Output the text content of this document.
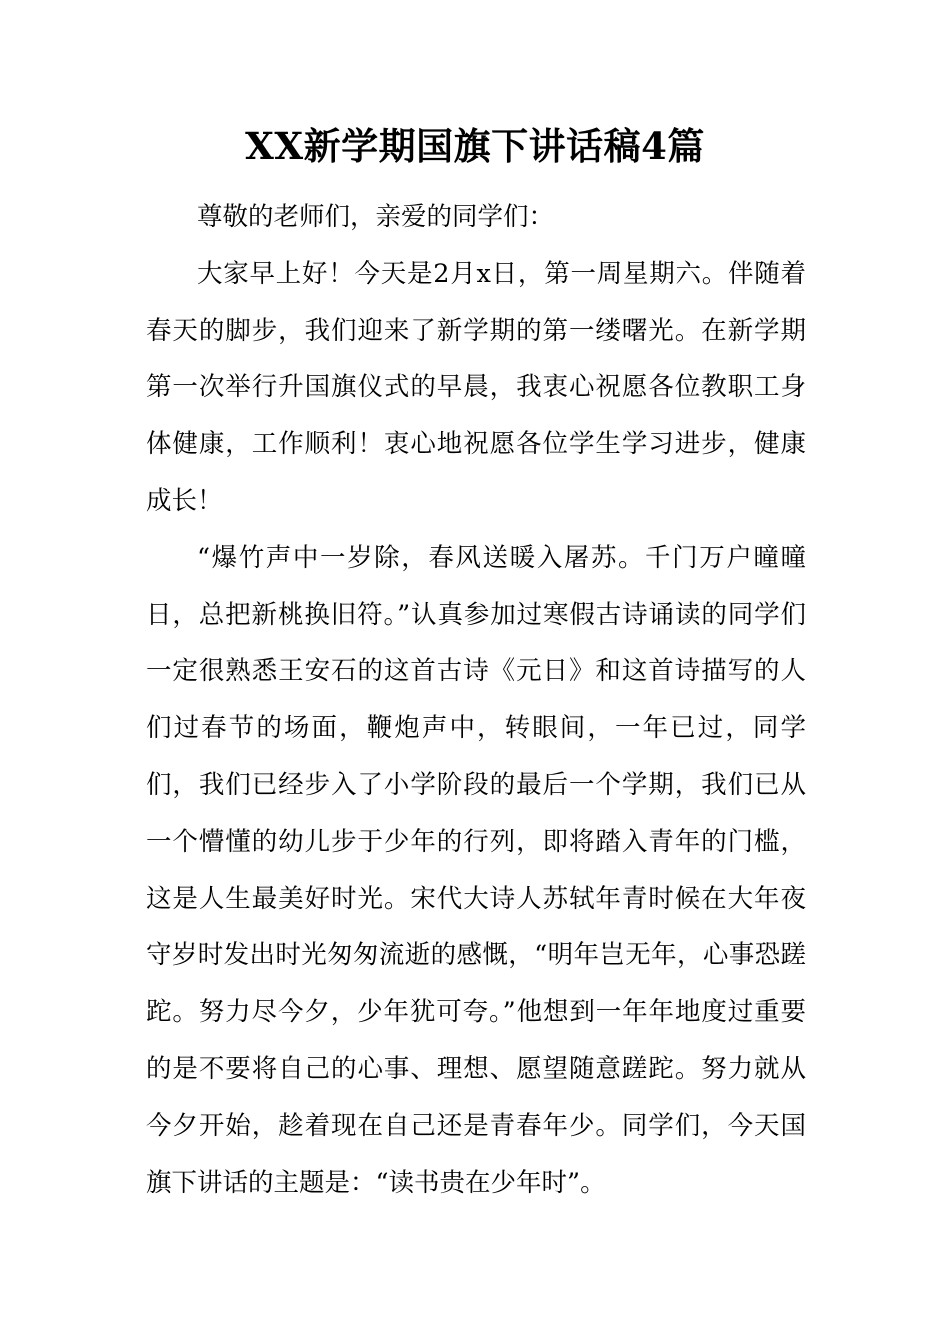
XX新学期国旗下讲话稿4篇

尊敬的老师们，亲爱的同学们：

大家早上好！今天是2月x日，第一周星期六。伴随着春天的脚步，我们迎来了新学期的第一缕曙光。在新学期第一次举行升国旗仪式的早晨，我衷心祝愿各位教职工身体健康，工作顺利！衷心地祝愿各位学生学习进步，健康成长！

“爆竹声中一岁除，春风送暖入屠苏。千门万户曈曈日，总把新桃换旧符。”认真参加过寒假古诗诵读的同学们一定很熟悉王安石的这首古诗《元日》和这首诗描写的人们过春节的场面，鞭炮声中，转眼间，一年已过，同学们，我们已经步入了小学阶段的最后一个学期，我们已从一个懵懂的幼儿步于少年的行列，即将踏入青年的门槛，这是人生最美好时光。宋代大诗人苏轼年青时候在大年夜守岁时发出时光匆匆流逝的感慨，“明年岂无年，心事恐蹉跎。努力尽今夕，少年犹可夸。”他想到一年年地度过重要的是不要将自己的心事、理想、愿望随意蹉跎。努力就从今夕开始，趁着现在自己还是青春年少。同学们，今天国旗下讲话的主题是：“读书贵在少年时”。
